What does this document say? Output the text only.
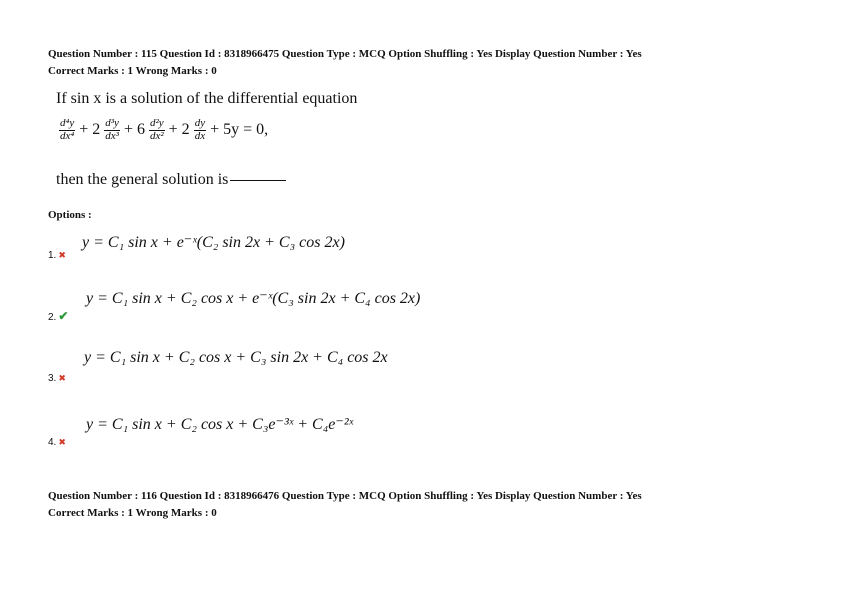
Question Number : 115 Question Id : 8318966475 Question Type : MCQ Option Shuffling : Yes Display Question Number : Yes
Correct Marks : 1 Wrong Marks : 0
If sin x is a solution of the differential equation
$\frac{\text{d⁴y}}{\text{dx⁴}} + 2 \frac{\text{d³y}}{\text{dx³}} + 6 \frac{\text{d²y}}{\text{dx²}} + 2 \frac{dy}{dx} + 5y = 0$,
then the general solution is
Options :
y = C₁ sin x + e⁻ˣ(C₂ sin 2x + C₃ cos 2x)
1. ✖
y = C₁ sin x + C₂ cos x + e⁻ˣ(C₃ sin 2x + C₄ cos 2x)
2. ✔
y = C₁ sin x + C₂ cos x + C₃ sin 2x + C₄ cos 2x
3. ✖
y = C₁ sin x + C₂ cos x + C₃e⁻³ˣ + C₄e⁻²ˣ
4. ✖
Question Number : 116 Question Id : 8318966476 Question Type : MCQ Option Shuffling : Yes Display Question Number : Yes
Correct Marks : 1 Wrong Marks : 0
